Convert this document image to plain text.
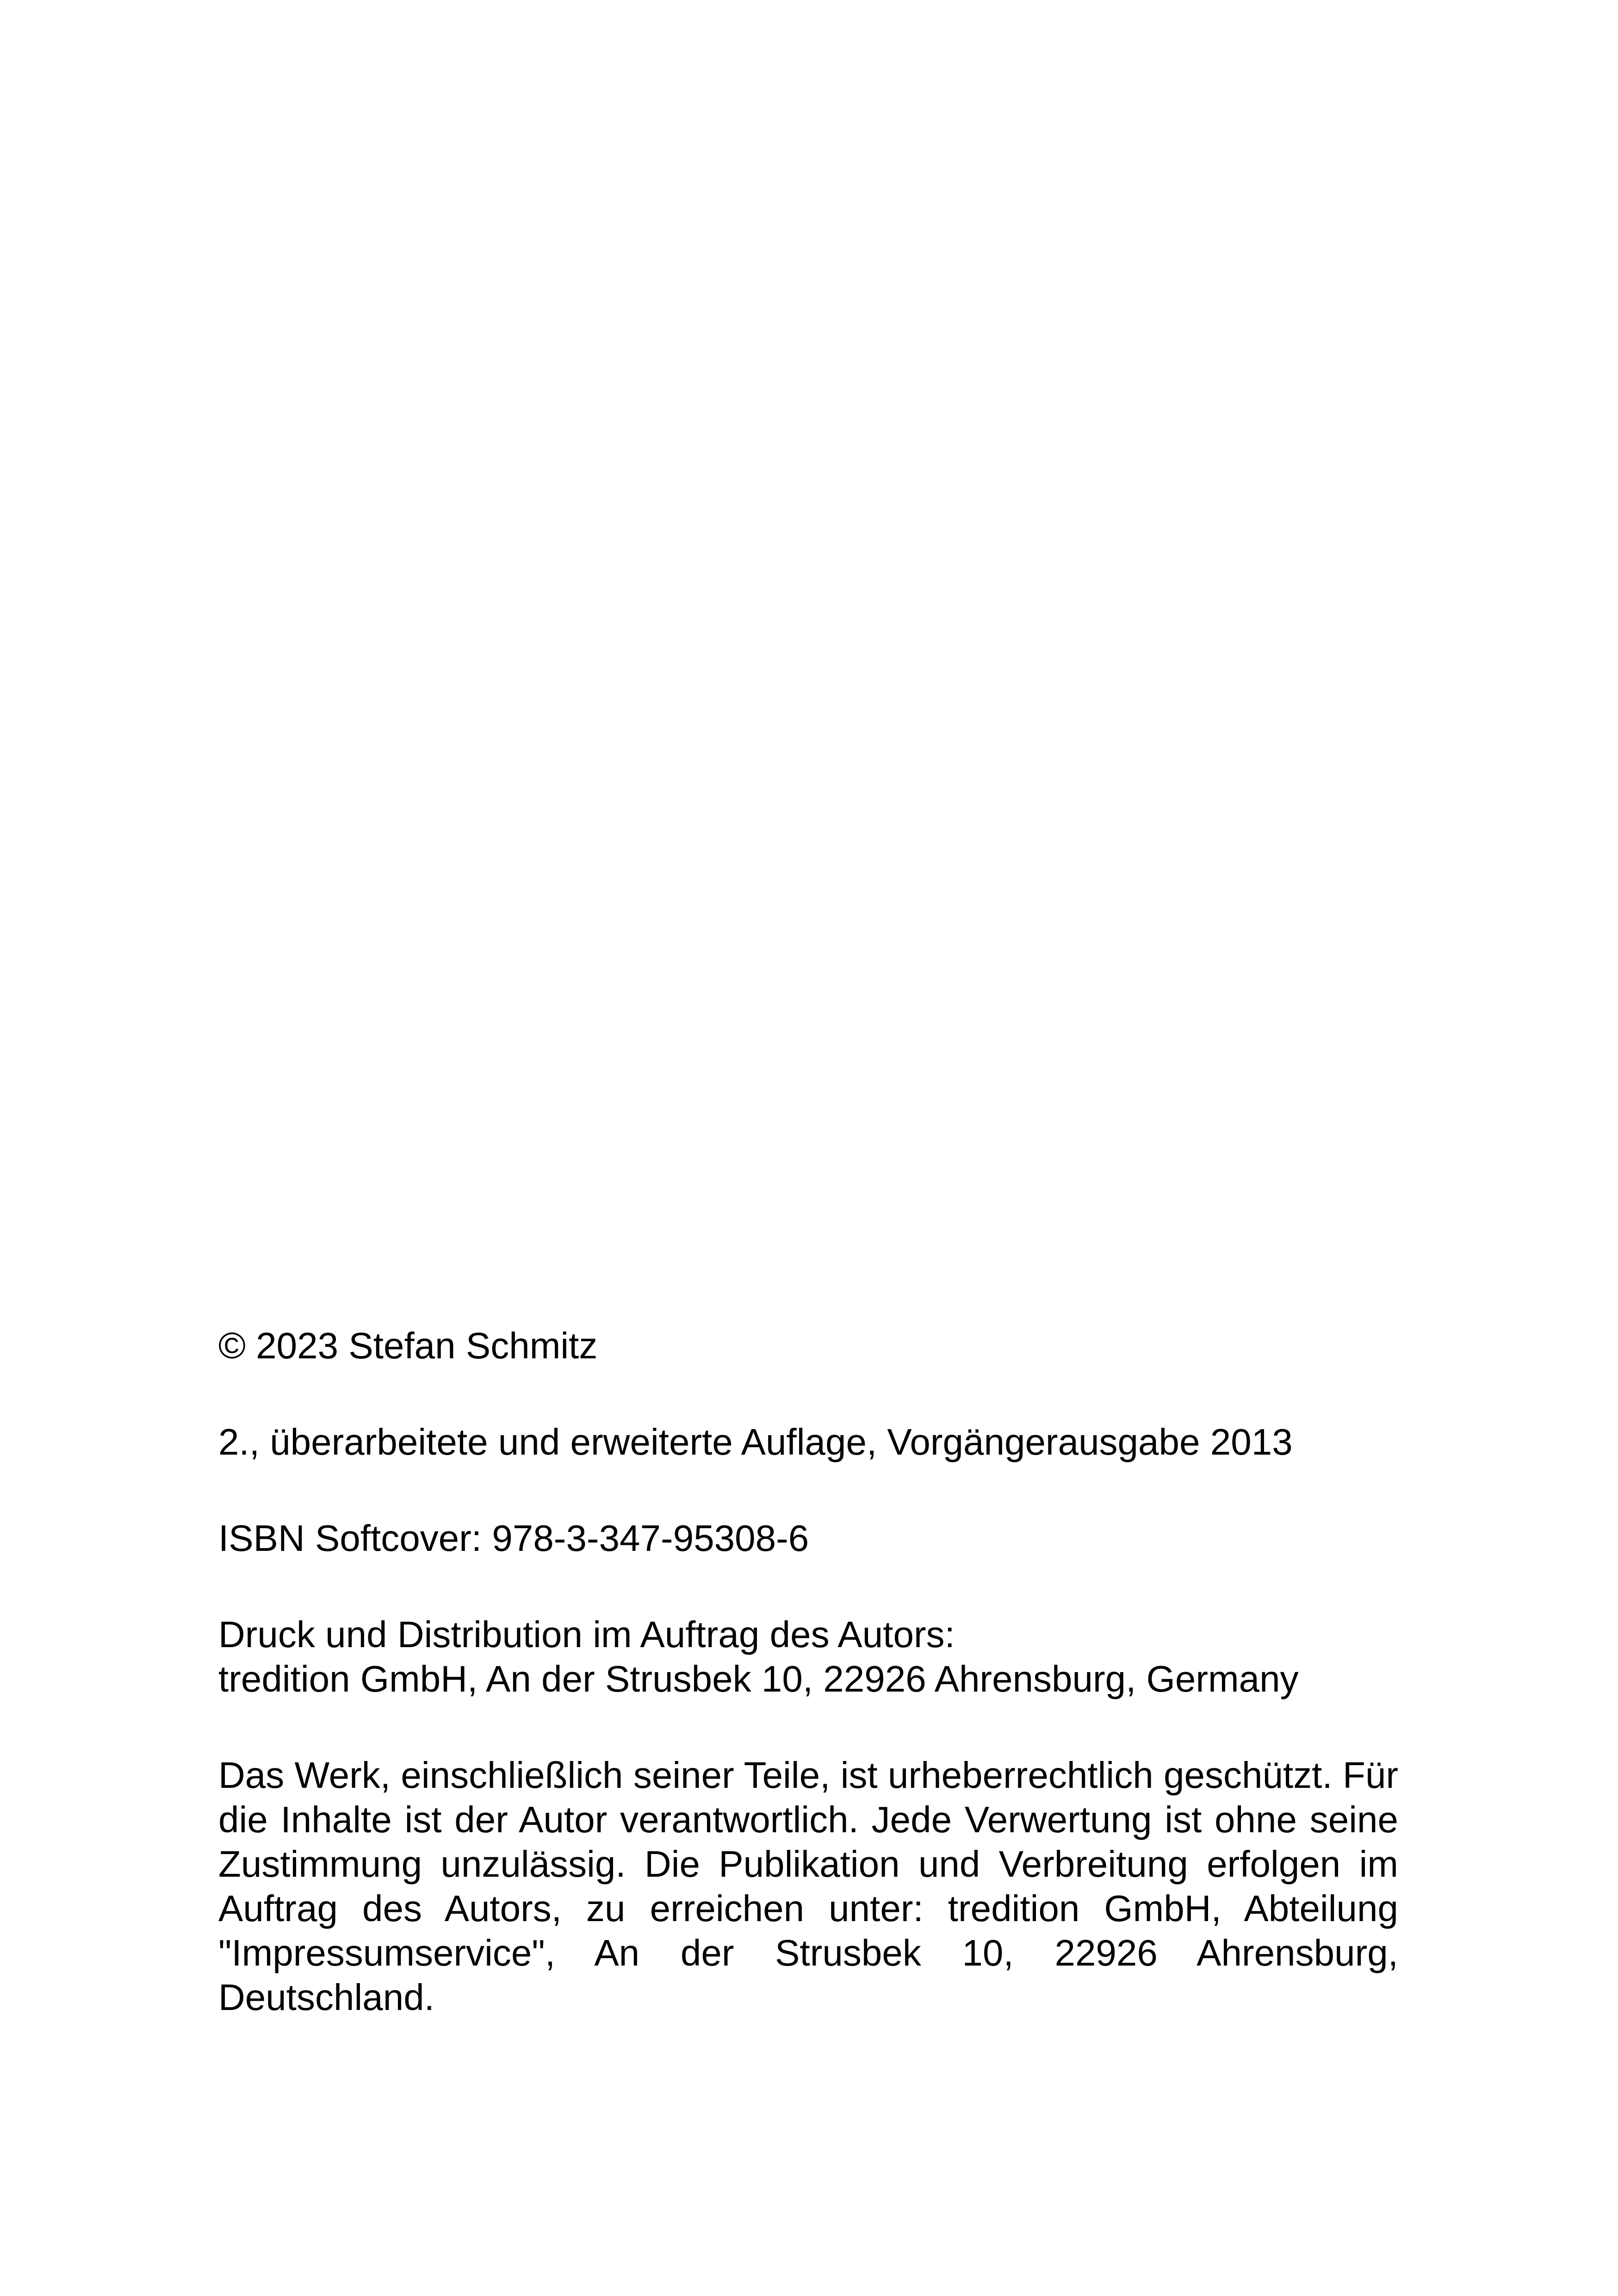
© 2023 Stefan Schmitz

2., überarbeitete und erweiterte Auflage, Vorgängerausgabe 2013

ISBN Softcover: 978-3-347-95308-6

Druck und Distribution im Auftrag des Autors:
tredition GmbH, An der Strusbek 10, 22926 Ahrensburg, Germany

Das Werk, einschließlich seiner Teile, ist urheberrechtlich geschützt. Für die Inhalte ist der Autor verantwortlich. Jede Verwertung ist ohne seine Zustimmung unzulässig. Die Publikation und Verbreitung erfolgen im Auftrag des Autors, zu erreichen unter: tredition GmbH, Abteilung "Impressumservice", An der Strusbek 10, 22926 Ahrensburg, Deutschland.
